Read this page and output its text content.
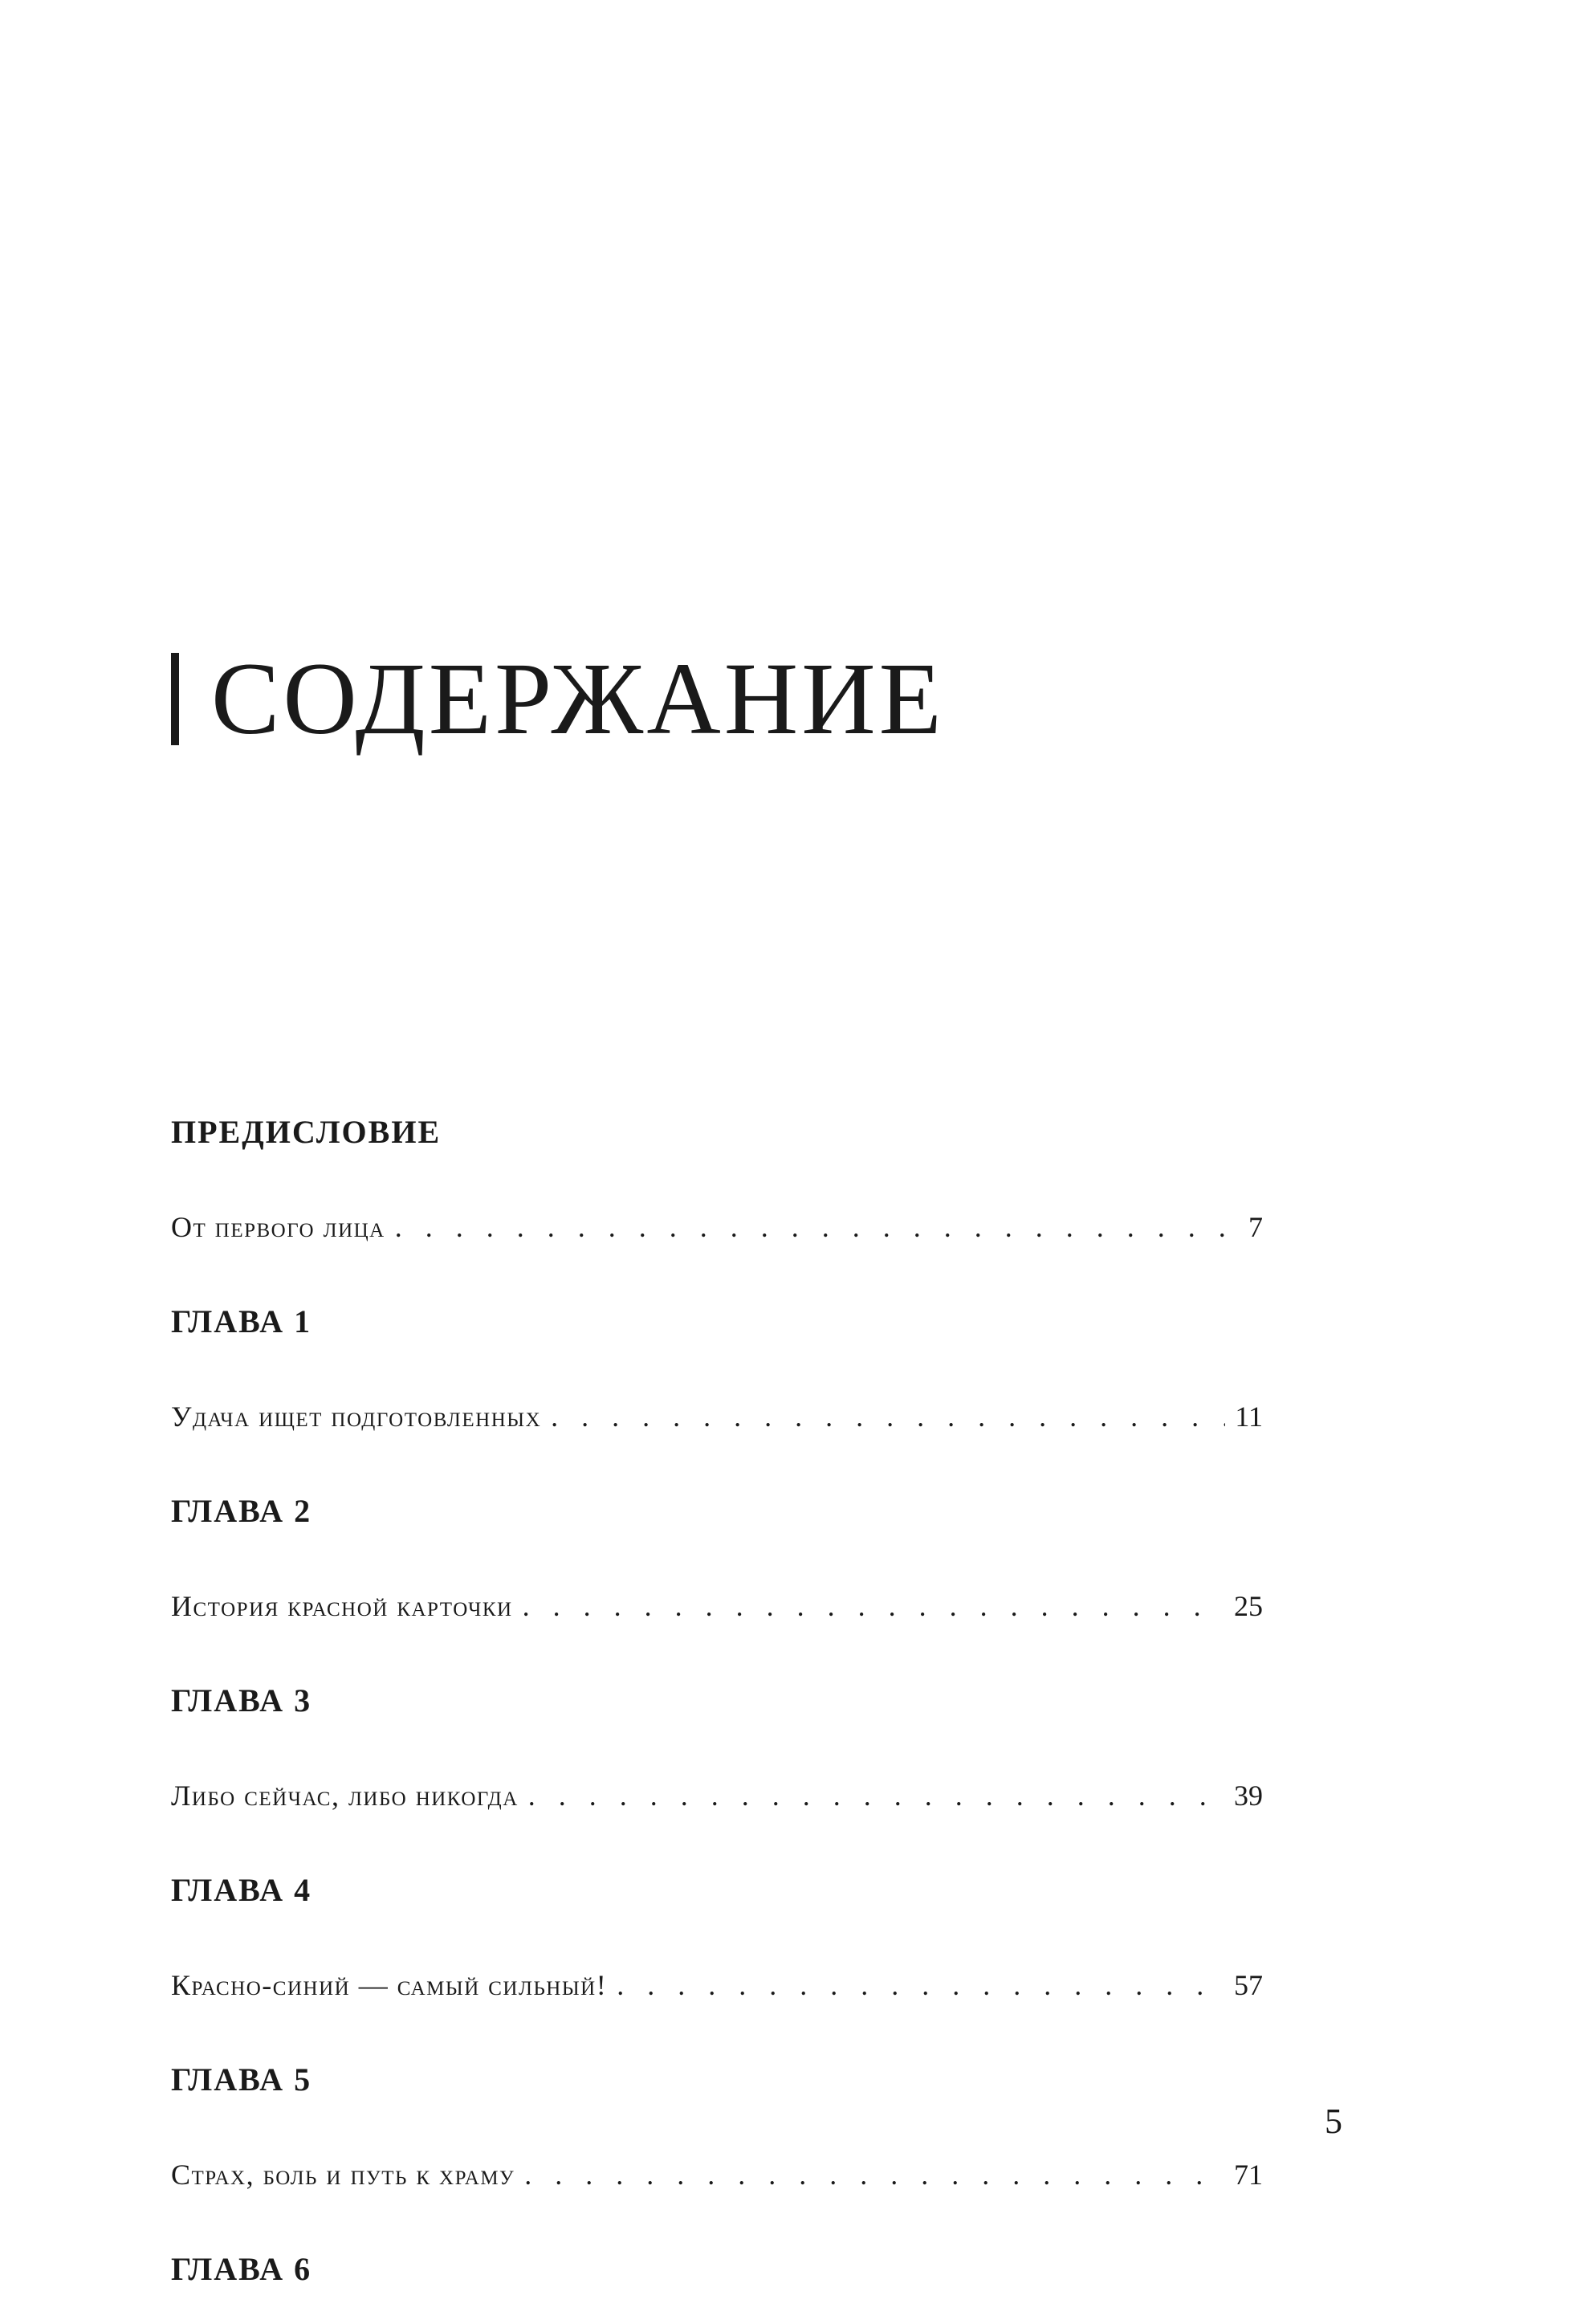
СОДЕРЖАНИЕ
ПРЕДИСЛОВИЕ
От первого лица . . .	7
ГЛАВА 1
Удача ищет подготовленных . . .	11
ГЛАВА 2
История красной карточки . . .	25
ГЛАВА 3
Либо сейчас, либо никогда . . .	39
ГЛАВА 4
Красно-синий — самый сильный! . . .	57
ГЛАВА 5
Страх, боль и путь к храму . . .	71
ГЛАВА 6
5
